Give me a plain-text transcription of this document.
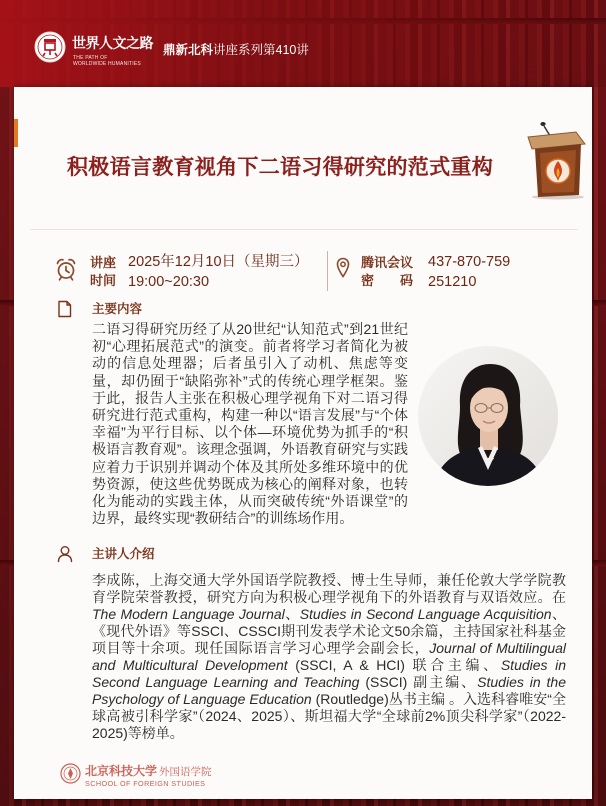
世界人文之路
THE PATH OF
WORLDWIDE HUMANITIES
鼎新北科讲座系列第410讲
积极语言教育视角下二语习得研究的范式重构
讲座
时间
2025年12月10日（星期三）
19:00~20:30
腾讯会议
密码
437-870-759
251210
主要内容
二语习得研究历经了从20世纪“认知范式”到21世纪初“心理拓展范式”的演变。前者将学习者简化为被动的信息处理器；后者虽引入了动机、焦虑等变量，却仍囿于“缺陷弥补”式的传统心理学框架。鉴于此，报告人主张在积极心理学视角下对二语习得研究进行范式重构，构建一种以“语言发展”与“个体幸福”为平行目标、以个体—环境优势为抓手的“积极语言教育观”。该理念强调，外语教育研究与实践应着力于识别并调动个体及其所处多维环境中的优势资源，使这些优势既成为核心的阐释对象，也转化为能动的实践主体，从而突破传统“外语课堂”的边界，最终实现“教研结合”的训练场作用。
主讲人介绍
李成陈，上海交通大学外国语学院教授、博士生导师，兼任伦敦大学学院教育学院荣誉教授，研究方向为积极心理学视角下的外语教育与双语效应。在 The Modern Language Journal、Studies in Second Language Acquisition、《现代外语》等SSCI、CSSCI期刊发表学术论文50余篇，主持国家社科基金项目等十余项。现任国际语言学习心理学会副会长，Journal of Multilingual and Multicultural Development (SSCI, A & HCI) 联合主编、Studies in Second Language Learning and Teaching (SSCI) 副主编、Studies in the Psychology of Language Education (Routledge)丛书主编 。入选科睿唯安“全球高被引科学家”（2024、2025）、斯坦福大学“全球前2%顶尖科学家”（2022-2025)等榜单。
北京科技大学 外国语学院
SCHOOL OF FOREIGN STUDIES
